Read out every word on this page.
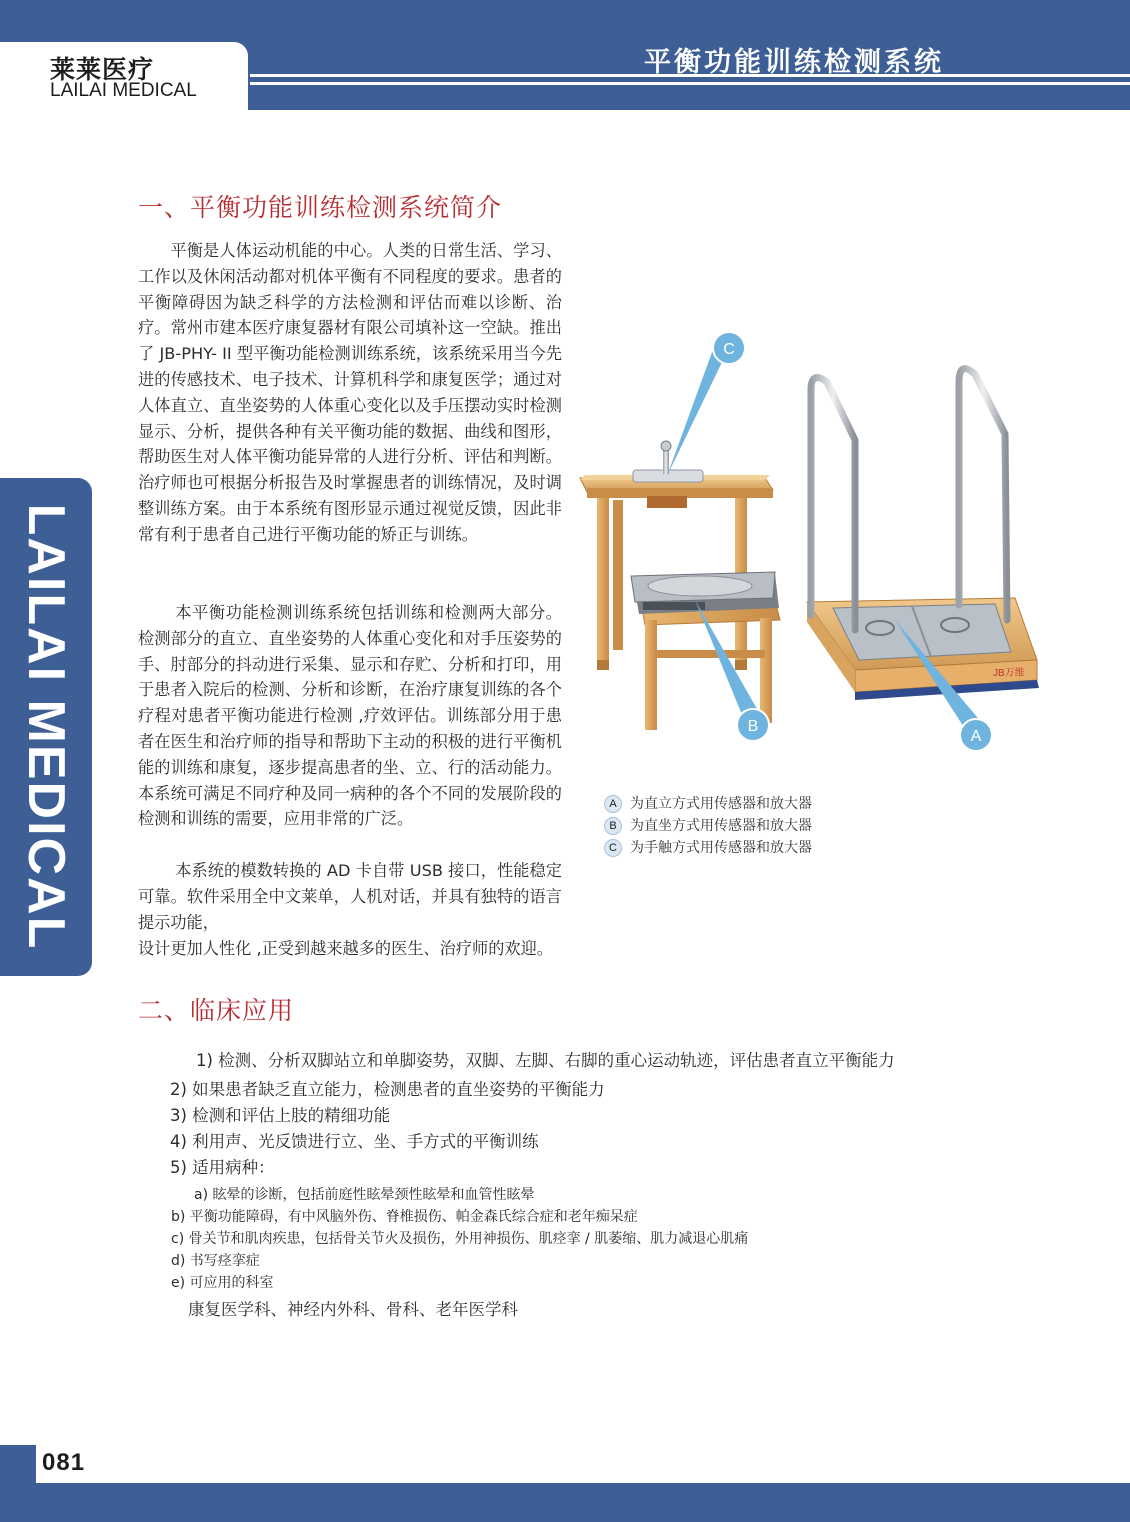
莱莱医疗
LAILAI MEDICAL
平衡功能训练检测系统
LAILAI MEDICAL
一、平衡功能训练检测系统简介

平衡是人体运动机能的中心。人类的日常生活、学习、工作以及休闲活动都对机体平衡有不同程度的要求。患者的平衡障碍因为缺乏科学的方法检测和评估而难以诊断、治疗。常州市建本医疗康复器材有限公司填补这一空缺。推出了 JB-PHY- II 型平衡功能检测训练系统，该系统采用当今先进的传感技术、电子技术、计算机科学和康复医学；通过对人体直立、直坐姿势的人体重心变化以及手压摆动实时检测显示、分析，提供各种有关平衡功能的数据、曲线和图形，帮助医生对人体平衡功能异常的人进行分析、评估和判断。治疗师也可根据分析报告及时掌握患者的训练情况，及时调整训练方案。由于本系统有图形显示通过视觉反馈，因此非常有利于患者自己进行平衡功能的矫正与训练。

本平衡功能检测训练系统包括训练和检测两大部分。检测部分的直立、直坐姿势的人体重心变化和对手压姿势的手、肘部分的抖动进行采集、显示和存贮、分析和打印，用于患者入院后的检测、分析和诊断，在治疗康复训练的各个疗程对患者平衡功能进行检测 ,疗效评估。训练部分用于患者在医生和治疗师的指导和帮助下主动的积极的进行平衡机能的训练和康复，逐步提高患者的坐、立、行的活动能力。本系统可满足不同疗种及同一病种的各个不同的发展阶段的检测和训练的需要，应用非常的广泛。

本系统的模数转换的 AD 卡自带 USB 接口，性能稳定可靠。软件采用全中文莱单，人机对话，并具有独特的语言提示功能，

设计更加人性化 ,正受到越来越多的医生、治疗师的欢迎。

JB万维
C
B
A
A 为直立方式用传感器和放大器
B 为直坐方式用传感器和放大器
C 为手触方式用传感器和放大器
二、临床应用
1) 检测、分析双脚站立和单脚姿势，双脚、左脚、右脚的重心运动轨迹，评估患者直立平衡能力
2) 如果患者缺乏直立能力，检测患者的直坐姿势的平衡能力
3) 检测和评估上肢的精细功能
4) 利用声、光反馈进行立、坐、手方式的平衡训练
5) 适用病种：
a) 眩晕的诊断，包括前庭性眩晕颈性眩晕和血管性眩晕
b) 平衡功能障碍，有中风脑外伤、脊椎损伤、帕金森氏综合症和老年痴呆症
c) 骨关节和肌肉疾患，包括骨关节火及损伤，外用神损伤、肌痉挛 / 肌萎缩、肌力减退心肌痛
d) 书写痉挛症
e) 可应用的科室
康复医学科、神经内外科、骨科、老年医学科
081
